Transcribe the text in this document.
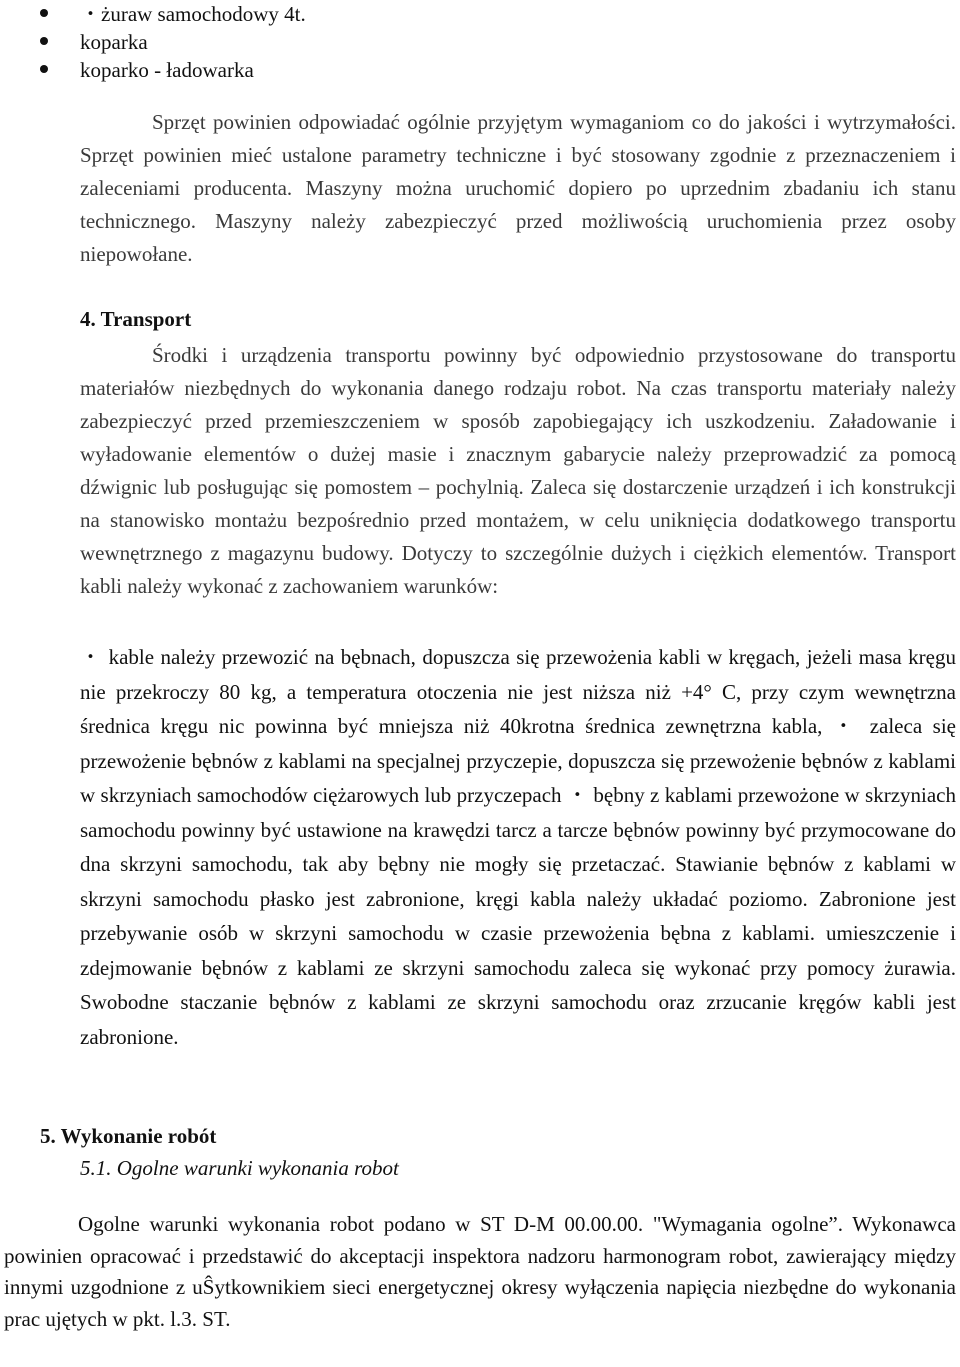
・żuraw samochodowy 4t.
koparka
koparko - ładowarka

Sprzęt powinien odpowiadać ogólnie przyjętym wymaganiom co do jakości i wytrzymałości. Sprzęt powinien mieć ustalone parametry techniczne i być stosowany zgodnie z przeznaczeniem i zaleceniami producenta. Maszyny można uruchomić dopiero po uprzednim zbadaniu ich stanu technicznego. Maszyny należy zabezpieczyć przed możliwością uruchomienia przez osoby niepowołane.

4. Transport

Środki i urządzenia transportu powinny być odpowiednio przystosowane do transportu materiałów niezbędnych do wykonania danego rodzaju robot. Na czas transportu materiały należy zabezpieczyć przed przemieszczeniem w sposób zapobiegający ich uszkodzeniu. Załadowanie i wyładowanie elementów o dużej masie i znacznym gabarycie należy przeprowadzić za pomocą dźwignic lub posługując się pomostem – pochylnią. Zaleca się dostarczenie urządzeń i ich konstrukcji na stanowisko montażu bezpośrednio przed montażem, w celu uniknięcia dodatkowego transportu wewnętrznego z magazynu budowy. Dotyczy to szczególnie dużych i ciężkich elementów. Transport kabli należy wykonać z zachowaniem warunków:

・ kable należy przewozić na bębnach, dopuszcza się przewożenia kabli w kręgach, jeżeli masa kręgu nie przekroczy 80 kg, a temperatura otoczenia nie jest niższa niż +4° C, przy czym wewnętrzna średnica kręgu nic powinna być mniejsza niż 40krotna średnica zewnętrzna kabla, ・ zaleca się przewożenie bębnów z kablami na specjalnej przyczepie, dopuszcza się przewożenie bębnów z kablami w skrzyniach samochodów ciężarowych lub przyczepach ・ bębny z kablami przewożone w skrzyniach samochodu powinny być ustawione na krawędzi tarcz a tarcze bębnów powinny być przymocowane do dna skrzyni samochodu, tak aby bębny nie mogły się przetaczać. Stawianie bębnów z kablami w skrzyni samochodu płasko jest zabronione, kręgi kabla należy układać poziomo. Zabronione jest przebywanie osób w skrzyni samochodu w czasie przewożenia bębna z kablami. umieszczenie i zdejmowanie bębnów z kablami ze skrzyni samochodu zaleca się wykonać przy pomocy żurawia. Swobodne staczanie bębnów z kablami ze skrzyni samochodu oraz zrzucanie kręgów kabli jest zabronione.

5. Wykonanie robót
5.1. Ogolne warunki wykonania robot

Ogolne warunki wykonania robot podano w ST D-M 00.00.00. "Wymagania ogolne”. Wykonawca powinien opracować i przedstawić do akceptacji inspektora nadzoru harmonogram robot, zawierający między innymi uzgodnione z uŜytkownikiem sieci energetycznej okresy wyłączenia napięcia niezbędne do wykonania prac ujętych w pkt. l.3. ST.
